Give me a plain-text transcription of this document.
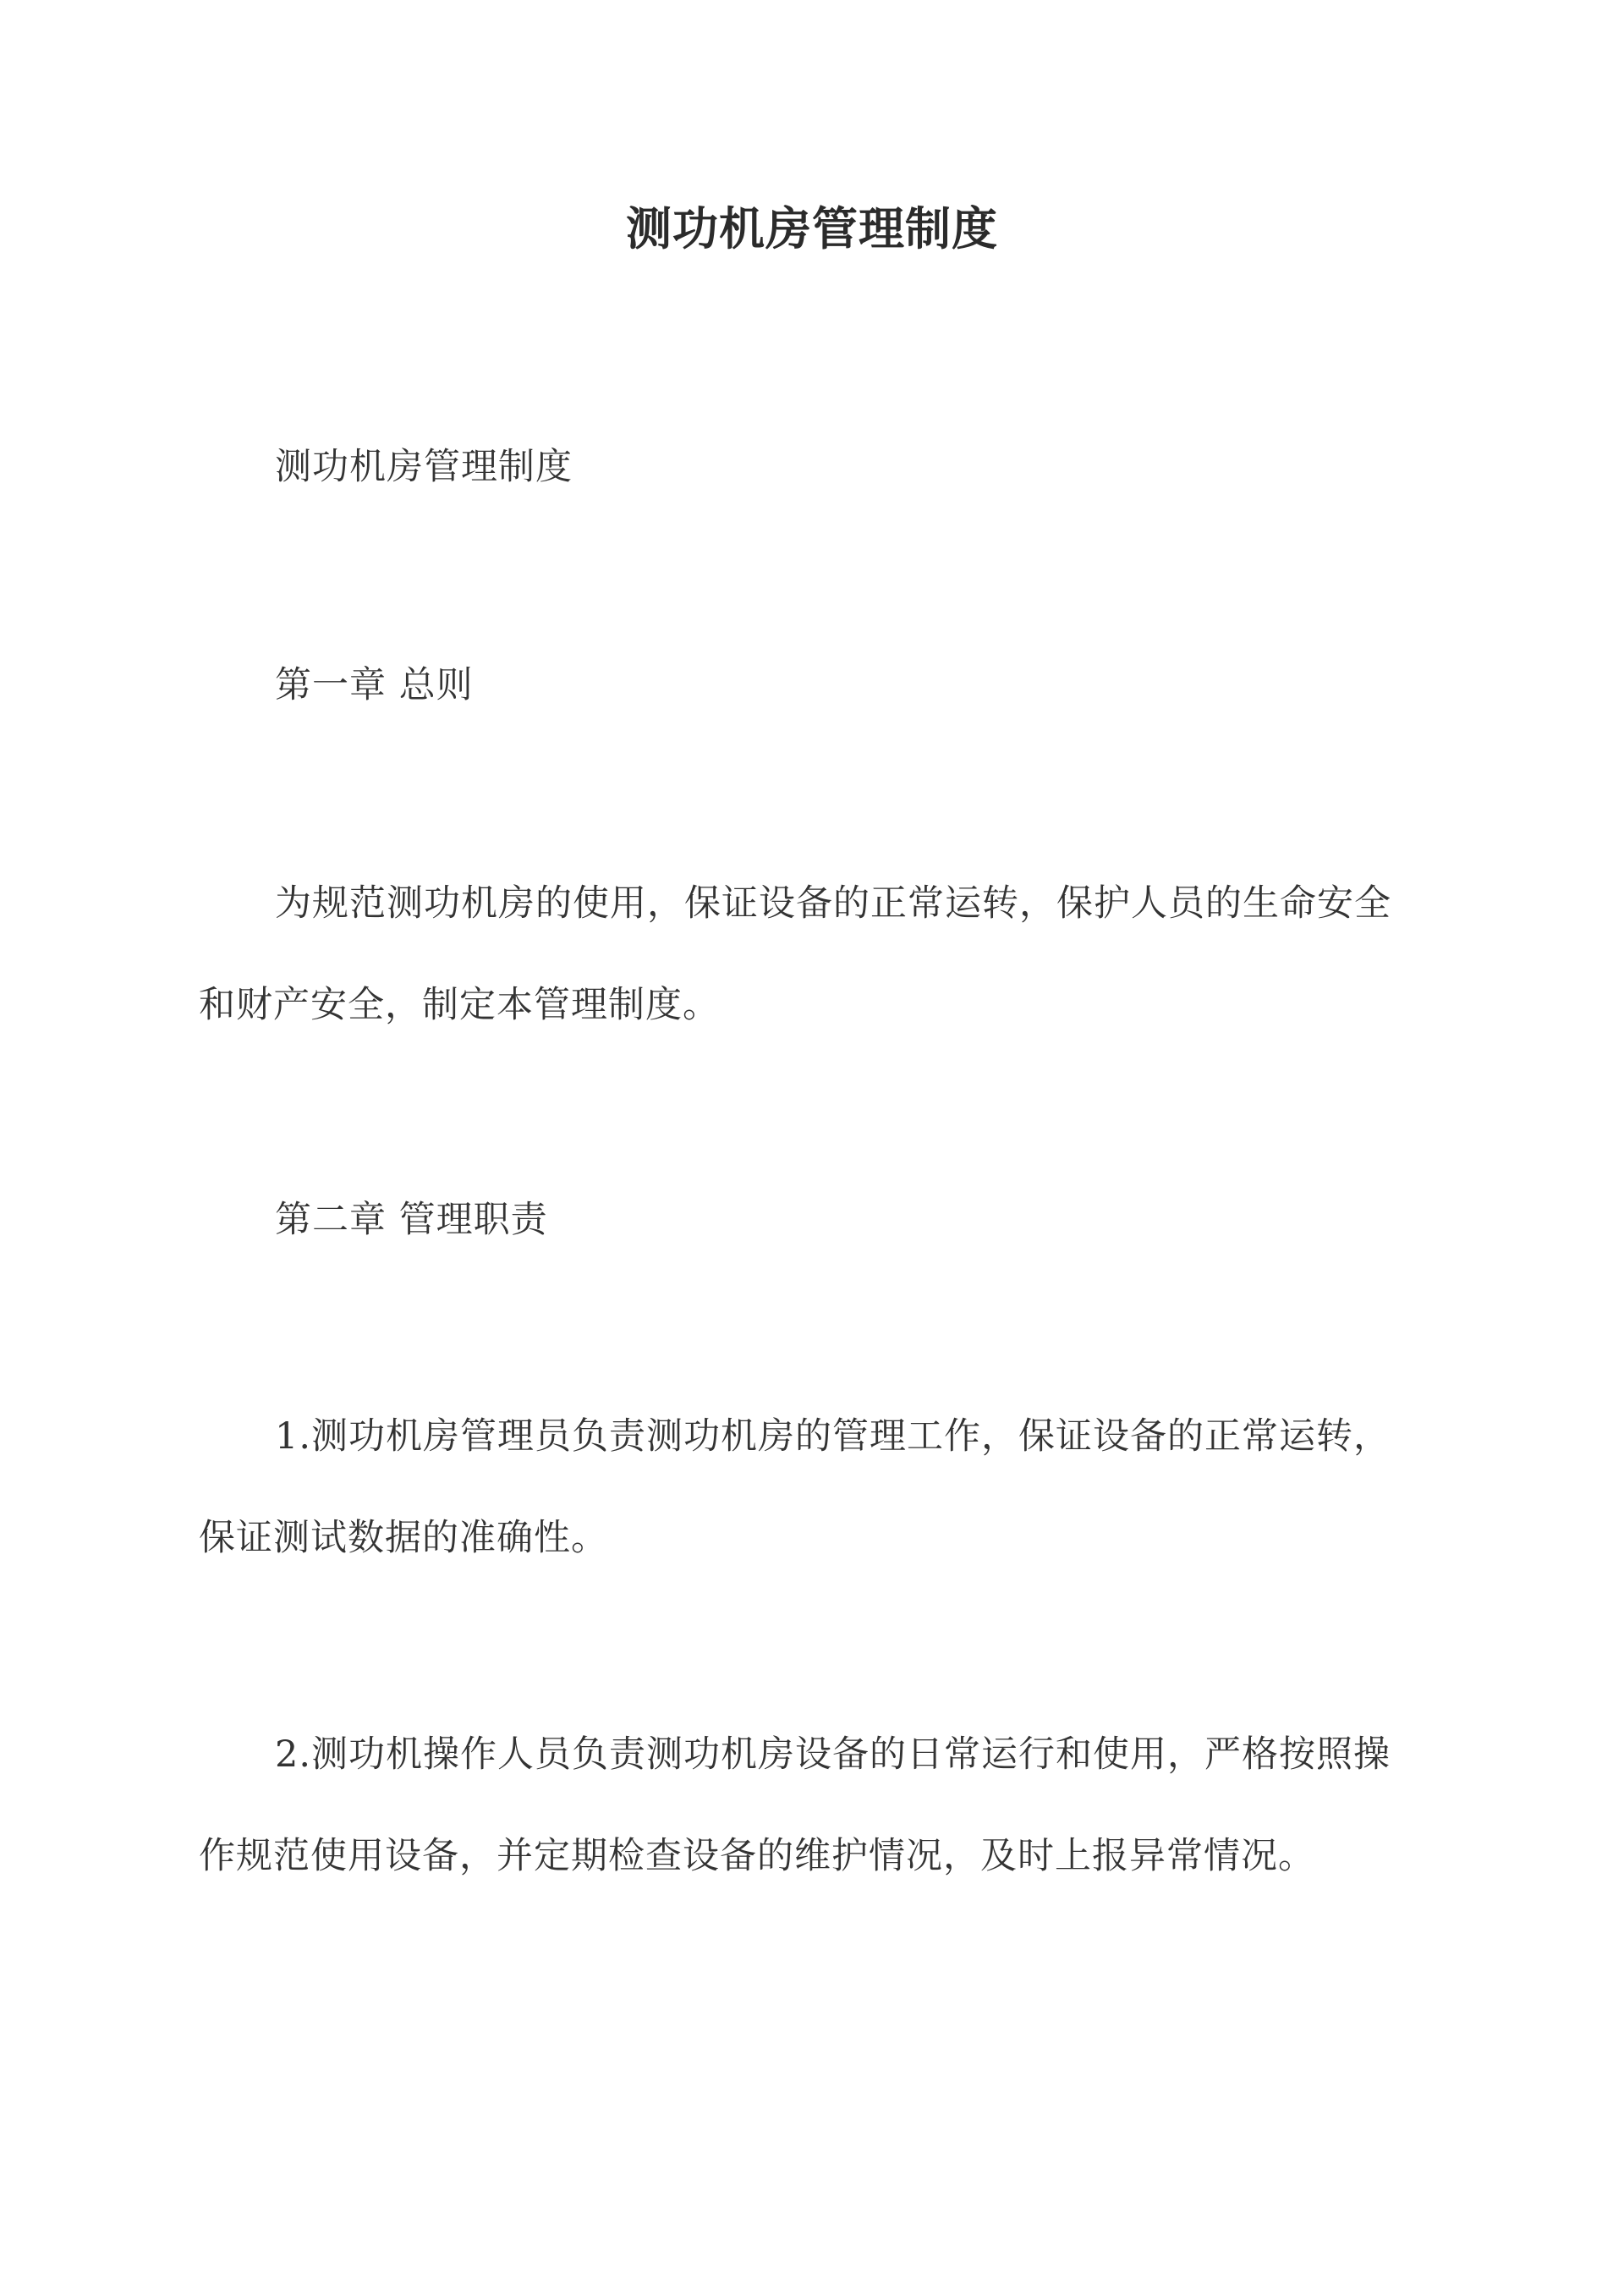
测功机房管理制度
测功机房管理制度
第一章 总则
为规范测功机房的使用，保证设备的正常运转，保护人员的生命安全
和财产安全，制定本管理制度。
第二章 管理职责
1.测功机房管理员负责测功机房的管理工作，保证设备的正常运转，
保证测试数据的准确性。
2.测功机操作人员负责测功机房设备的日常运行和使用，严格按照操
作规范使用设备，并定期检查设备的维护情况，及时上报异常情况。
